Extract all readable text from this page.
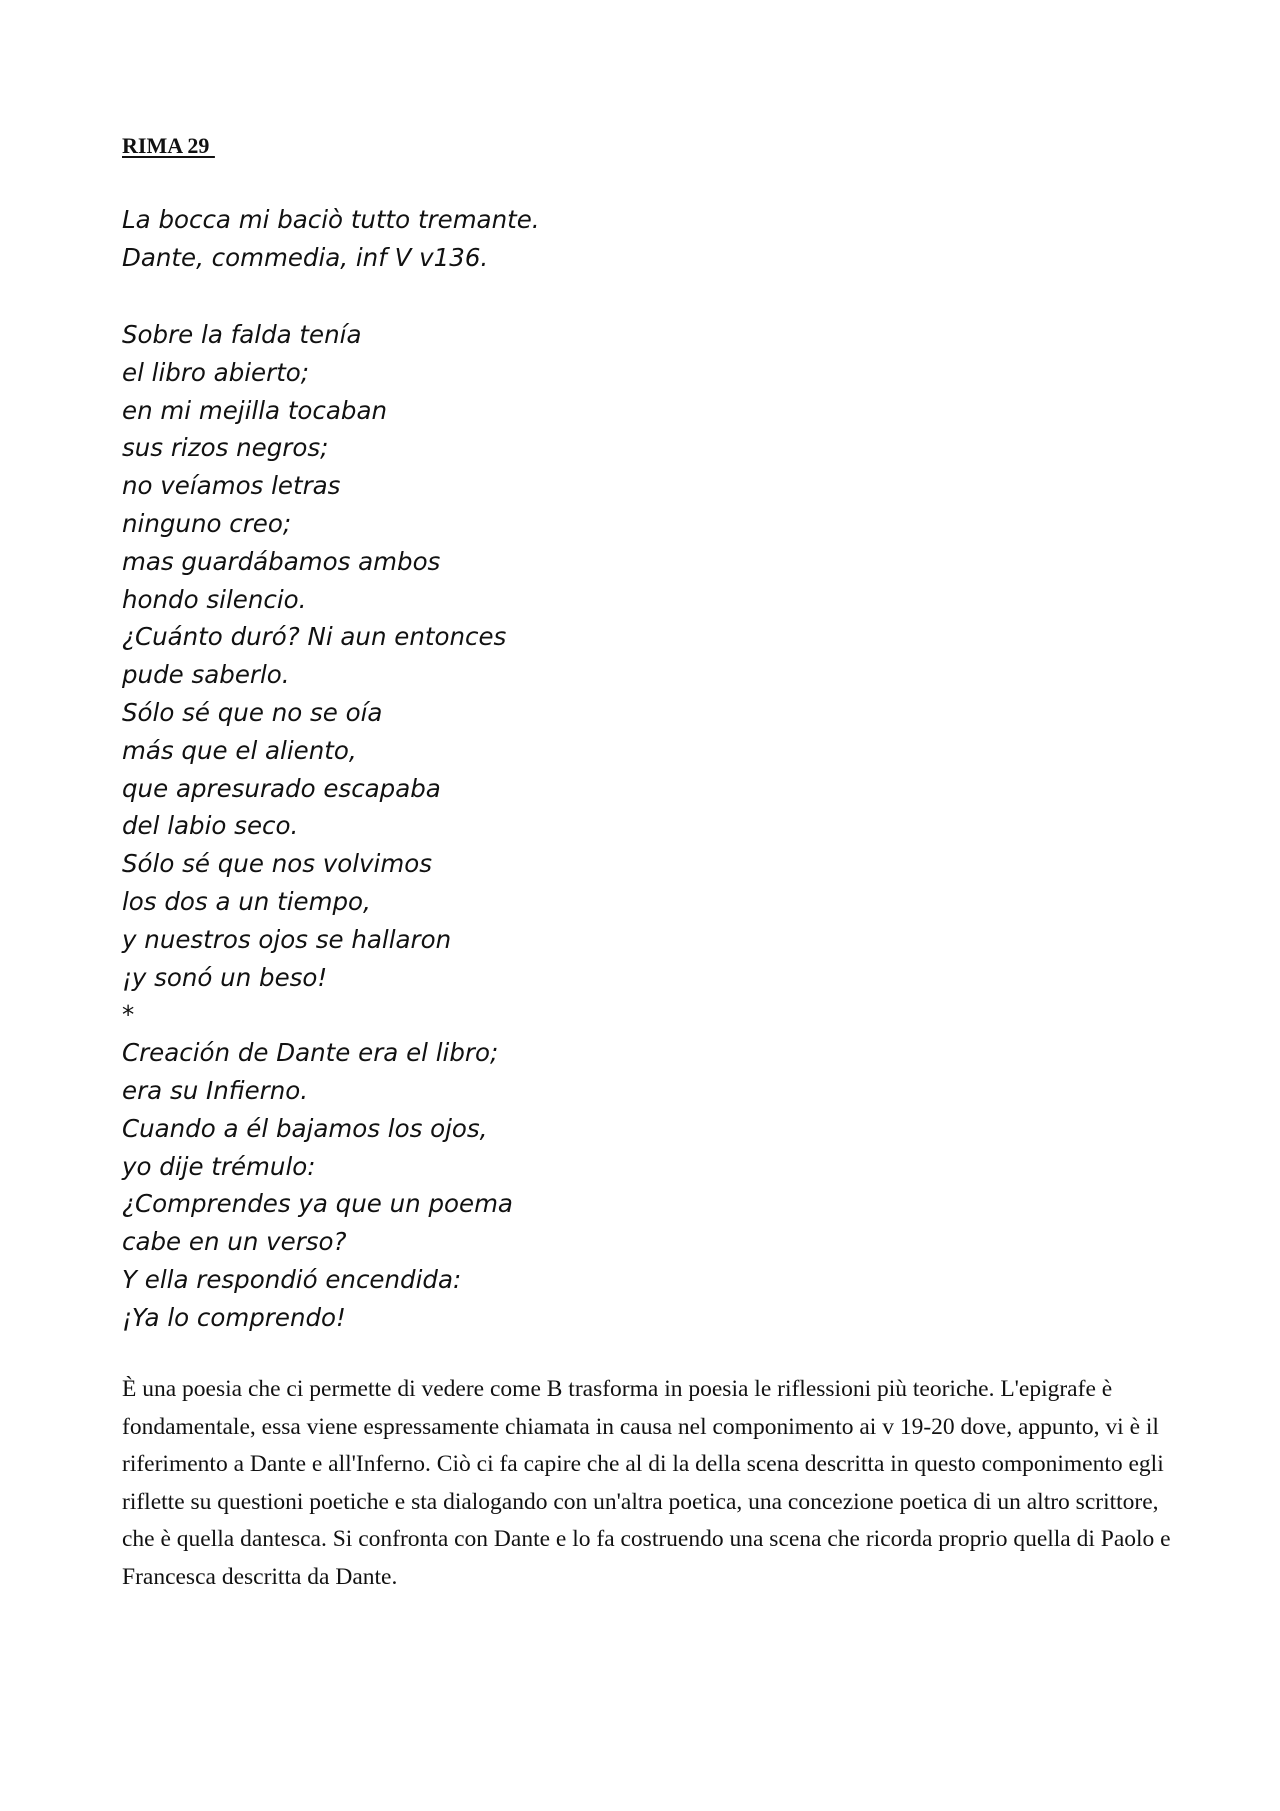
RIMA 29
La bocca mi baciò tutto tremante.
Dante, commedia, inf V v136.
Sobre la falda tenía
el libro abierto;
en mi mejilla tocaban
sus rizos negros;
no veíamos letras
ninguno creo;
mas guardábamos ambos
hondo silencio.
¿Cuánto duró? Ni aun entonces
pude saberlo.
Sólo sé que no se oía
más que el aliento,
que apresurado escapaba
del labio seco.
Sólo sé que nos volvimos
los dos a un tiempo,
y nuestros ojos se hallaron
¡y sonó un beso!
*
Creación de Dante era el libro;
era su Infierno.
Cuando a él bajamos los ojos,
yo dije trémulo:
¿Comprendes ya que un poema
cabe en un verso?
Y ella respondió encendida:
¡Ya lo comprendo!

È una poesia che ci permette di vedere come B trasforma in poesia le riflessioni più teoriche. L'epigrafe è fondamentale, essa viene espressamente chiamata in causa nel componimento ai v 19-20 dove, appunto, vi è il riferimento a Dante e all'Inferno. Ciò ci fa capire che al di la della scena descritta in questo componimento egli riflette su questioni poetiche e sta dialogando con un'altra poetica, una concezione poetica di un altro scrittore, che è quella dantesca. Si confronta con Dante e lo fa costruendo una scena che ricorda proprio quella di Paolo e Francesca descritta da Dante.
